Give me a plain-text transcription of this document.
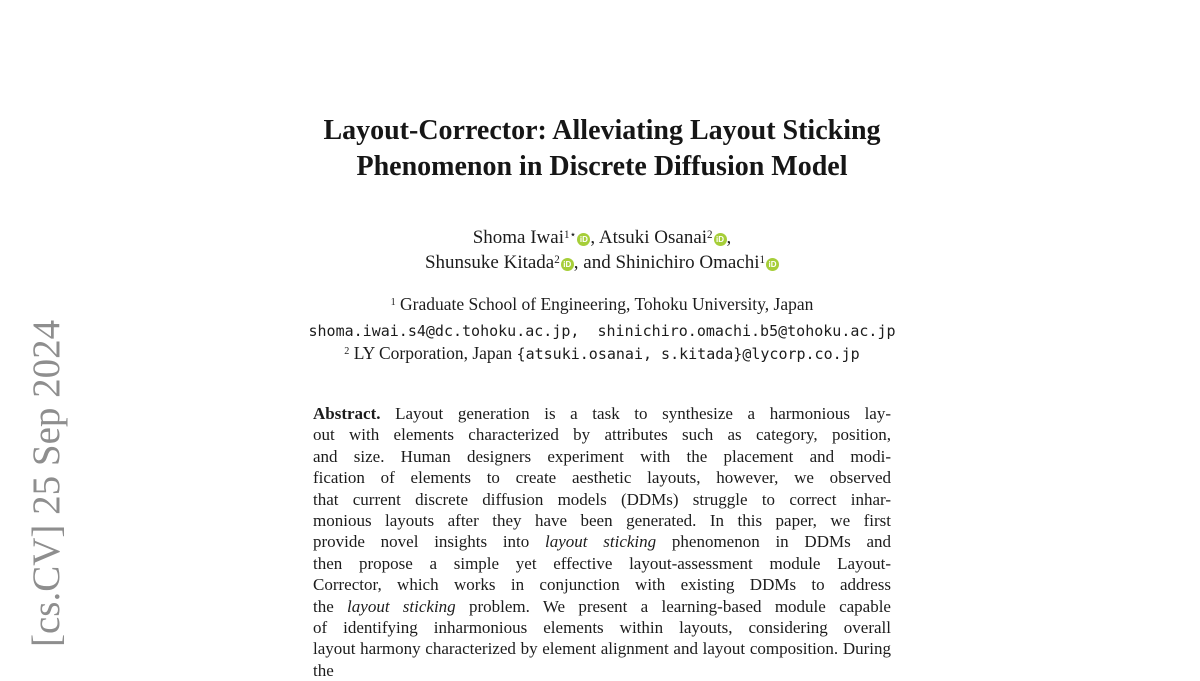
[cs.CV] 25 Sep 2024
Layout-Corrector: Alleviating Layout Sticking
Phenomenon in Discrete Diffusion Model
Shoma Iwai$^{1⋆}$ iD , Atsuki Osanai$^2$ iD ,
Shunsuke Kitada$^2$ iD , and Shinichiro Omachi$^1$ iD
$^1$ Graduate School of Engineering, Tohoku University, Japan
shoma.iwai.s4@dc.tohoku.ac.jp,  shinichiro.omachi.b5@tohoku.ac.jp
$^2$ LY Corporation, Japan {atsuki.osanai, s.kitada}@lycorp.co.jp
Abstract. Layout generation is a task to synthesize a harmonious lay-
out with elements characterized by attributes such as category, position,
and size. Human designers experiment with the placement and modi-
fication of elements to create aesthetic layouts, however, we observed
that current discrete diffusion models (DDMs) struggle to correct inhar-
monious layouts after they have been generated. In this paper, we first
provide novel insights into layout sticking phenomenon in DDMs and
then propose a simple yet effective layout-assessment module Layout-
Corrector, which works in conjunction with existing DDMs to address
the layout sticking problem. We present a learning-based module capable
of identifying inharmonious elements within layouts, considering overall
layout harmony characterized by element alignment and layout composition. During the
